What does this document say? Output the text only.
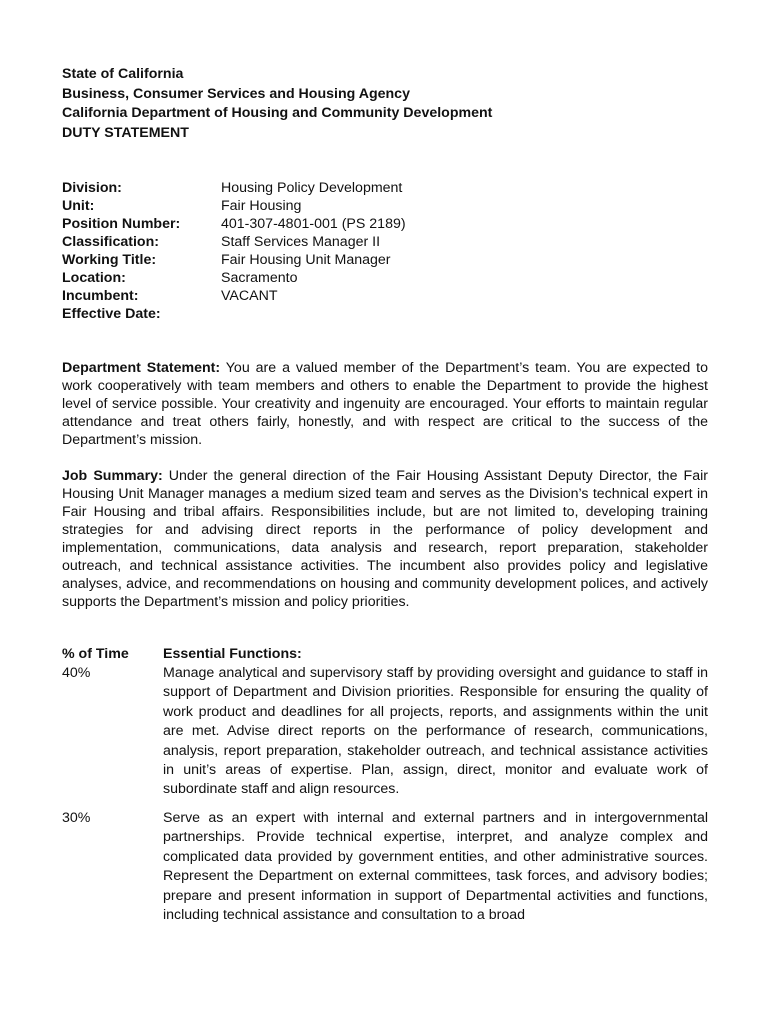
State of California
Business, Consumer Services and Housing Agency
California Department of Housing and Community Development
DUTY STATEMENT
Division:	Housing Policy Development
Unit:	Fair Housing
Position Number:	401-307-4801-001 (PS 2189)
Classification:	Staff Services Manager II
Working Title:	Fair Housing Unit Manager
Location:	Sacramento
Incumbent:	VACANT
Effective Date:

Department Statement: You are a valued member of the Department’s team. You are expected to work cooperatively with team members and others to enable the Department to provide the highest level of service possible. Your creativity and ingenuity are encouraged. Your efforts to maintain regular attendance and treat others fairly, honestly, and with respect are critical to the success of the Department’s mission.

Job Summary: Under the general direction of the Fair Housing Assistant Deputy Director, the Fair Housing Unit Manager manages a medium sized team and serves as the Division’s technical expert in Fair Housing and tribal affairs. Responsibilities include, but are not limited to, developing training strategies for and advising direct reports in the performance of policy development and implementation, communications, data analysis and research, report preparation, stakeholder outreach, and technical assistance activities. The incumbent also provides policy and legislative analyses, advice, and recommendations on housing and community development polices, and actively supports the Department’s mission and policy priorities.

% of Time	Essential Functions:
40%	Manage analytical and supervisory staff by providing oversight and guidance to staff in support of Department and Division priorities. Responsible for ensuring the quality of work product and deadlines for all projects, reports, and assignments within the unit are met. Advise direct reports on the performance of research, communications, analysis, report preparation, stakeholder outreach, and technical assistance activities in unit’s areas of expertise. Plan, assign, direct, monitor and evaluate work of subordinate staff and align resources.
30%	Serve as an expert with internal and external partners and in intergovernmental partnerships. Provide technical expertise, interpret, and analyze complex and complicated data provided by government entities, and other administrative sources. Represent the Department on external committees, task forces, and advisory bodies; prepare and present information in support of Departmental activities and functions, including technical assistance and consultation to a broad
